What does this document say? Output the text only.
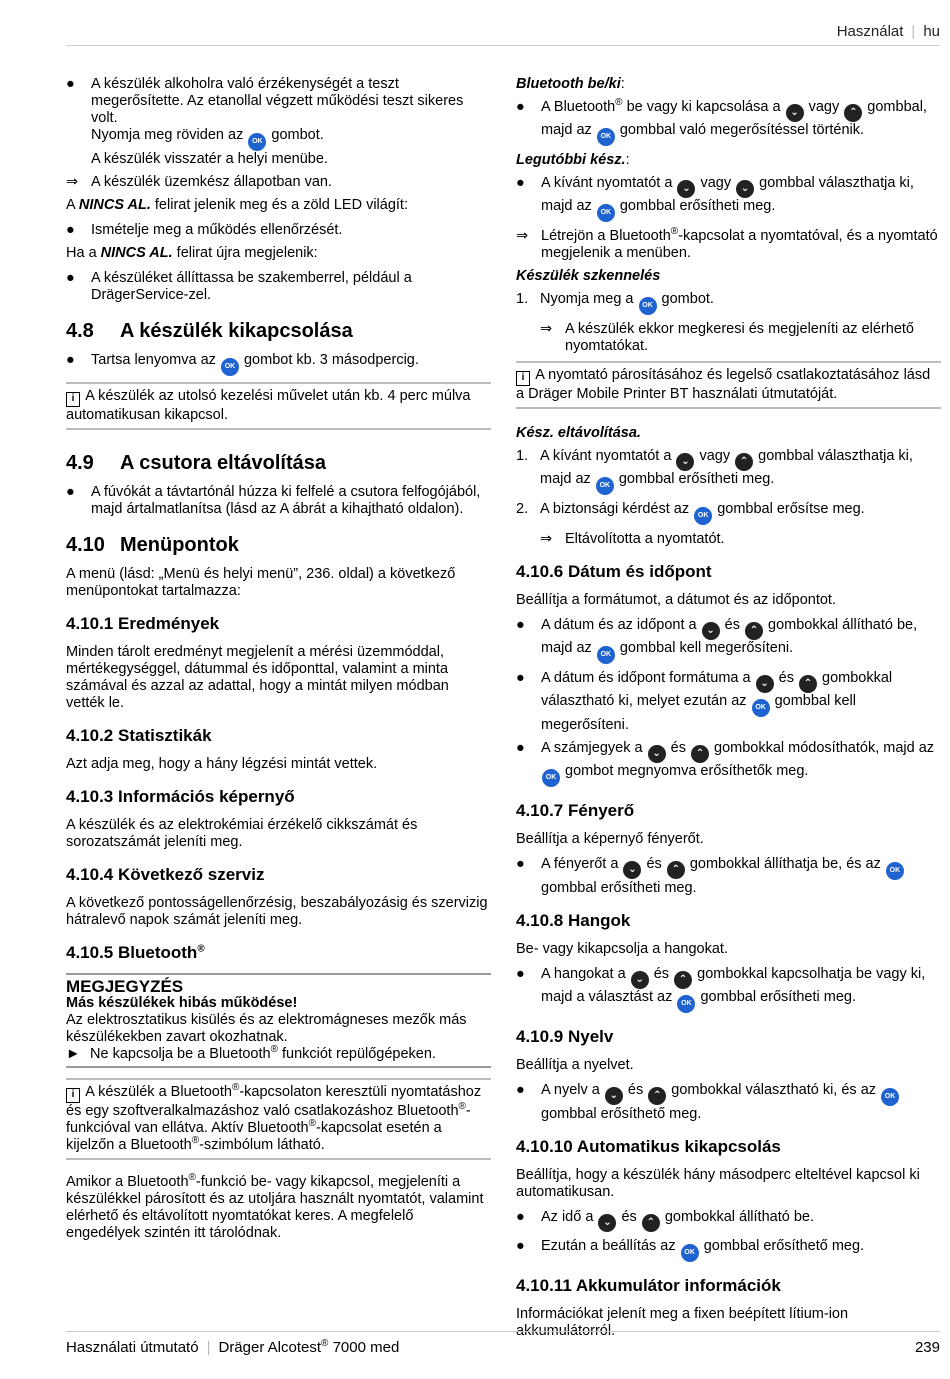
Használat | hu
●	A készülék alkoholra való érzékenységét a teszt megerősítette. Az etanollal végzett működési teszt sikeres volt.
Nyomja meg röviden az OK gombot.
A készülék visszatér a helyi menübe.
⇒ A készülék üzemkész állapotban van.

A NINCS AL. felirat jelenik meg és a zöld LED világít:

●	Ismételje meg a működés ellenőrzését.

Ha a NINCS AL. felirat újra megjelenik:

●	A készüléket állíttassa be szakemberrel, például a DrägerService-zel.
4.8 A készülék kikapcsolása
●	Tartsa lenyomva az OK gombot kb. 3 másodpercig.
i A készülék az utolsó kezelési művelet után kb. 4 perc múlva automatikusan kikapcsol.
4.9 A csutora eltávolítása
●	A fúvókát a távtartónál húzza ki felfelé a csutora felfogójából, majd ártalmatlanítsa (lásd az A ábrát a kihajtható oldalon).
4.10 Menüpontok

A menü (lásd: „Menü és helyi menü”, 236. oldal) a következő menüpontokat tartalmazza:

4.10.1 Eredmények

Minden tárolt eredményt megjelenít a mérési üzemmóddal, mértékegységgel, dátummal és időponttal, valamint a minta számával és azzal az adattal, hogy a mintát milyen módban vették le.

4.10.2 Statisztikák

Azt adja meg, hogy a hány légzési mintát vettek.

4.10.3 Információs képernyő

A készülék és az elektrokémiai érzékelő cikkszámát és sorozatszámát jeleníti meg.

4.10.4 Következő szerviz

A következő pontosságellenőrzésig, beszabályozásig és szervizig hátralevő napok számát jeleníti meg.

4.10.5 Bluetooth®
MEGJEGYZÉS
Más készülékek hibás működése!
Az elektrosztatikus kisülés és az elektromágneses mezők más készülékekben zavart okozhatnak.
► Ne kapcsolja be a Bluetooth® funkciót repülőgépeken.
i A készülék a Bluetooth®-kapcsolaton keresztüli nyomtatáshoz és egy szoftveralkalmazáshoz való csatlakozáshoz Bluetooth®-funkcióval van ellátva. Aktív Bluetooth®-kapcsolat esetén a kijelzőn a Bluetooth®-szimbólum látható.

Amikor a Bluetooth®-funkció be- vagy kikapcsol, megjeleníti a készülékkel párosított és az utoljára használt nyomtatót, valamint elérhető és eltávolított nyomtatókat keres. A megfelelő engedélyek szintén itt tárolódnak.

Bluetooth be/ki:
●	A Bluetooth® be vagy ki kapcsolása a ⌄ vagy ⌃ gombbal, majd az OK gombbal való megerősítéssel történik.
Legutóbbi kész.:
●	A kívánt nyomtatót a ⌄ vagy ⌄ gombbal választhatja ki, majd az OK gombbal erősítheti meg.
⇒ Létrejön a Bluetooth®-kapcsolat a nyomtatóval, és a nyomtató megjelenik a menüben.
Készülék szkennelés
1. Nyomja meg a OK gombot.
⇒ A készülék ekkor megkeresi és megjeleníti az elérhető nyomtatókat.
i A nyomtató párosításához és legelső csatlakoztatásához lásd a Dräger Mobile Printer BT használati útmutatóját.
Kész. eltávolítása.
1. A kívánt nyomtatót a ⌄ vagy ⌃ gombbal választhatja ki, majd az OK gombbal erősítheti meg.
2. A biztonsági kérdést az OK gombbal erősítse meg.
⇒ Eltávolította a nyomtatót.
4.10.6 Dátum és időpont

Beállítja a formátumot, a dátumot és az időpontot.

●	A dátum és az időpont a ⌄ és ⌃ gombokkal állítható be, majd az OK gombbal kell megerősíteni.
●	A dátum és időpont formátuma a ⌄ és ⌃ gombokkal választható ki, melyet ezután az OK gombbal kell megerősíteni.
●	A számjegyek a ⌄ és ⌃ gombokkal módosíthatók, majd az OK gombot megnyomva erősíthetők meg.
4.10.7 Fényerő

Beállítja a képernyő fényerőt.

●	A fényerőt a ⌄ és ⌃ gombokkal állíthatja be, és az OK gombbal erősítheti meg.
4.10.8 Hangok

Be- vagy kikapcsolja a hangokat.

●	A hangokat a ⌄ és ⌃ gombokkal kapcsolhatja be vagy ki, majd a választást az OK gombbal erősítheti meg.
4.10.9 Nyelv

Beállítja a nyelvet.

●	A nyelv a ⌄ és ⌃ gombokkal választható ki, és az OK gombbal erősíthető meg.
4.10.10 Automatikus kikapcsolás

Beállítja, hogy a készülék hány másodperc elteltével kapcsol ki automatikusan.

●	Az idő a ⌄ és ⌃ gombokkal állítható be.
●	Ezután a beállítás az OK gombbal erősíthető meg.
4.10.11 Akkumulátor információk

Információkat jelenít meg a fixen beépített lítium-ion akkumulátorról.

Használati útmutató | Dräger Alcotest® 7000 med	239
